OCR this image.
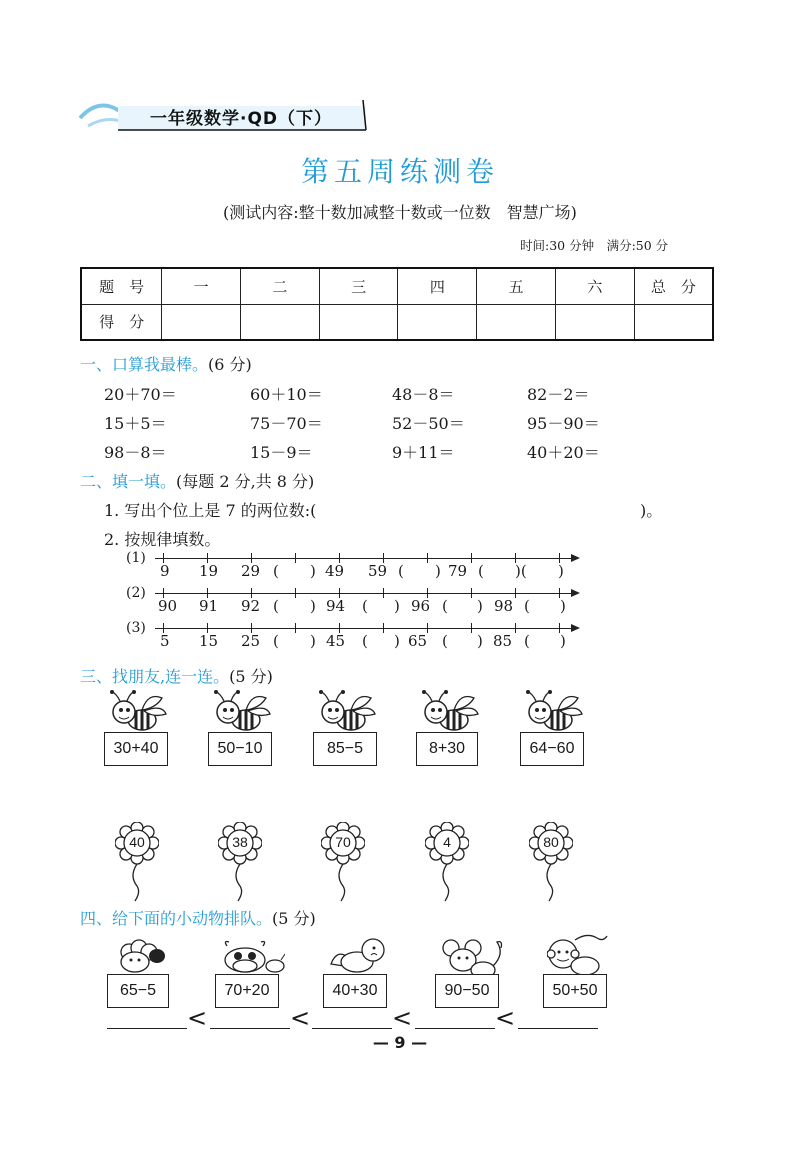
一年级数学·QD（下）
第五周练测卷
(测试内容:整十数加减整十数或一位数　智慧广场)
时间:30 分钟　满分:50 分
题　号	一	二	三	四	五	六	总　分
得　分							
一、口算我最棒。(6 分)
20＋70＝	60＋10＝	48－8＝	82－2＝
15＋5＝	75－70＝	52－50＝	95－90＝
98－8＝	15－9＝	9＋11＝	40＋20＝
二、填一填。(每题 2 分,共 8 分)
1. 写出个位上是 7 的两位数:(	)。
2. 按规律填数。
(1)
9 19 29 ( ) 49 59 ( ) 79 ( )( )
(2)
90 91 92 ( ) 94 ( ) 96 ( ) 98 ( )
(3)
5 15 25 ( ) 45 ( ) 65 ( ) 85 ( )
三、找朋友,连一连。(5 分)
30+40	50−10	85−5	8+30	64−60
40	38	70	4	80
四、给下面的小动物排队。(5 分)
65−5	70+20	40+30	90−50	50+50
<	<	<	<
— 9 —
